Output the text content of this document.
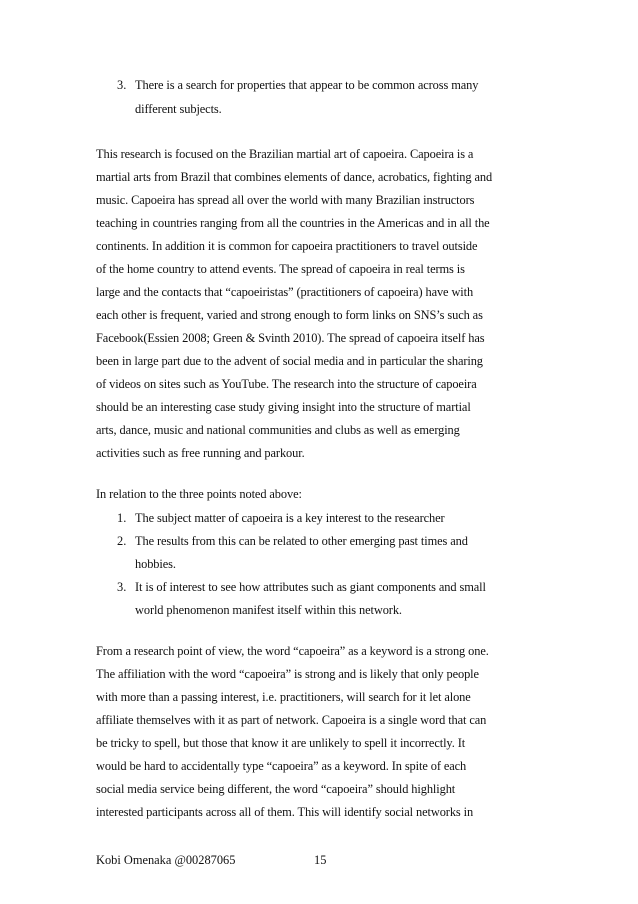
3. There is a search for properties that appear to be common across many
different subjects.
This research is focused on the Brazilian martial art of capoeira. Capoeira is a
martial arts from Brazil that combines elements of dance, acrobatics, fighting and
music. Capoeira has spread all over the world with many Brazilian instructors
teaching in countries ranging from all the countries in the Americas and in all the
continents. In addition it is common for capoeira practitioners to travel outside
of the home country to attend events. The spread of capoeira in real terms is
large and the contacts that “capoeiristas” (practitioners of capoeira) have with
each other is frequent, varied and strong enough to form links on SNS’s such as
Facebook(Essien 2008; Green & Svinth 2010). The spread of capoeira itself has
been in large part due to the advent of social media and in particular the sharing
of videos on sites such as YouTube. The research into the structure of capoeira
should be an interesting case study giving insight into the structure of martial
arts, dance, music and national communities and clubs as well as emerging
activities such as free running and parkour.
In relation to the three points noted above:
1. The subject matter of capoeira is a key interest to the researcher
2. The results from this can be related to other emerging past times and
hobbies.
3. It is of interest to see how attributes such as giant components and small
world phenomenon manifest itself within this network.
From a research point of view, the word “capoeira” as a keyword is a strong one.
The affiliation with the word “capoeira” is strong and is likely that only people
with more than a passing interest, i.e. practitioners, will search for it let alone
affiliate themselves with it as part of network. Capoeira is a single word that can
be tricky to spell, but those that know it are unlikely to spell it incorrectly. It
would be hard to accidentally type “capoeira” as a keyword. In spite of each
social media service being different, the word “capoeira” should highlight
interested participants across all of them. This will identify social networks in
Kobi Omenaka @00287065	15
